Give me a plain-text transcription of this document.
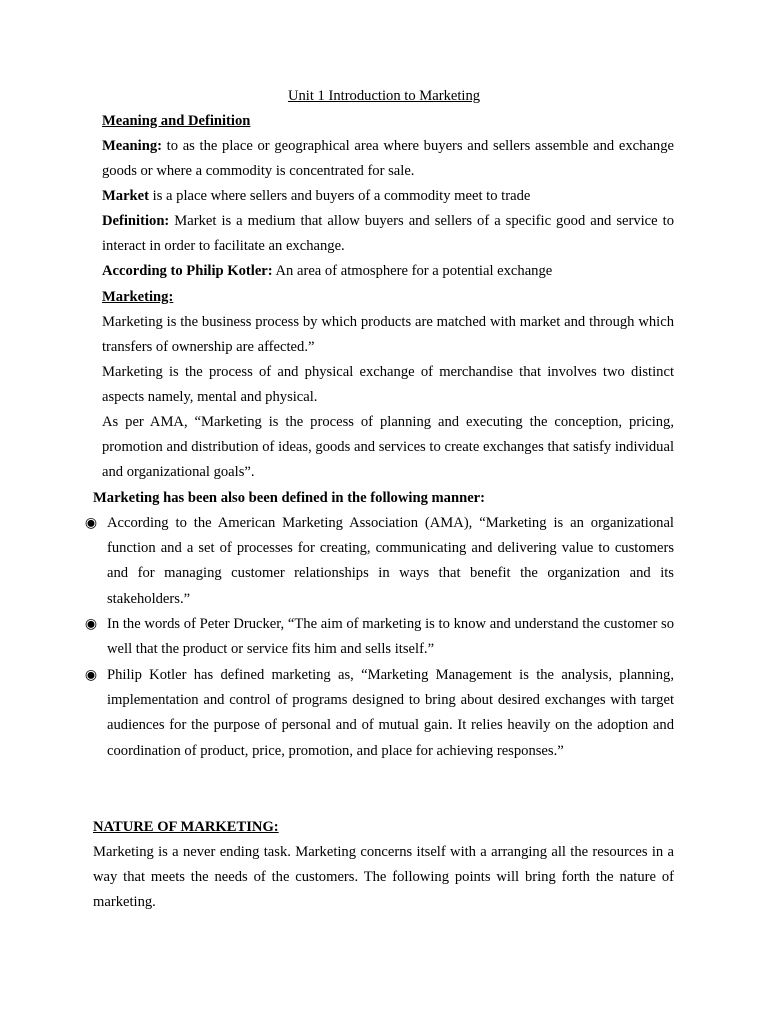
Unit 1 Introduction to Marketing
Meaning and Definition
Meaning: to as the place or geographical area where buyers and sellers assemble and exchange goods or where a commodity is concentrated for sale.
Market is a place where sellers and buyers of a commodity meet to trade
Definition: Market is a medium that allow buyers and sellers of a specific good and service to interact in order to facilitate an exchange.
According to Philip Kotler: An area of atmosphere for a potential exchange
Marketing:
Marketing is the business process by which products are matched with market and through which transfers of ownership are affected.”
Marketing is the process of and physical exchange of merchandise that involves two distinct aspects namely, mental and physical.
As per AMA, “Marketing is the process of planning and executing the conception, pricing, promotion and distribution of ideas, goods and services to create exchanges that satisfy individual and organizational goals”.
Marketing has been also been defined in the following manner:
◉ According to the American Marketing Association (AMA), “Marketing is an organizational function and a set of processes for creating, communicating and delivering value to customers and for managing customer relationships in ways that benefit the organization and its stakeholders.”
◉ In the words of Peter Drucker, “The aim of marketing is to know and understand the customer so well that the product or service fits him and sells itself.”
◉ Philip Kotler has defined marketing as, “Marketing Management is the analysis, planning, implementation and control of programs designed to bring about desired exchanges with target audiences for the purpose of personal and of mutual gain. It relies heavily on the adoption and coordination of product, price, promotion, and place for achieving responses.”
NATURE OF MARKETING:
Marketing is a never ending task. Marketing concerns itself with a arranging all the resources in a way that meets the needs of the customers. The following points will bring forth the nature of marketing.
